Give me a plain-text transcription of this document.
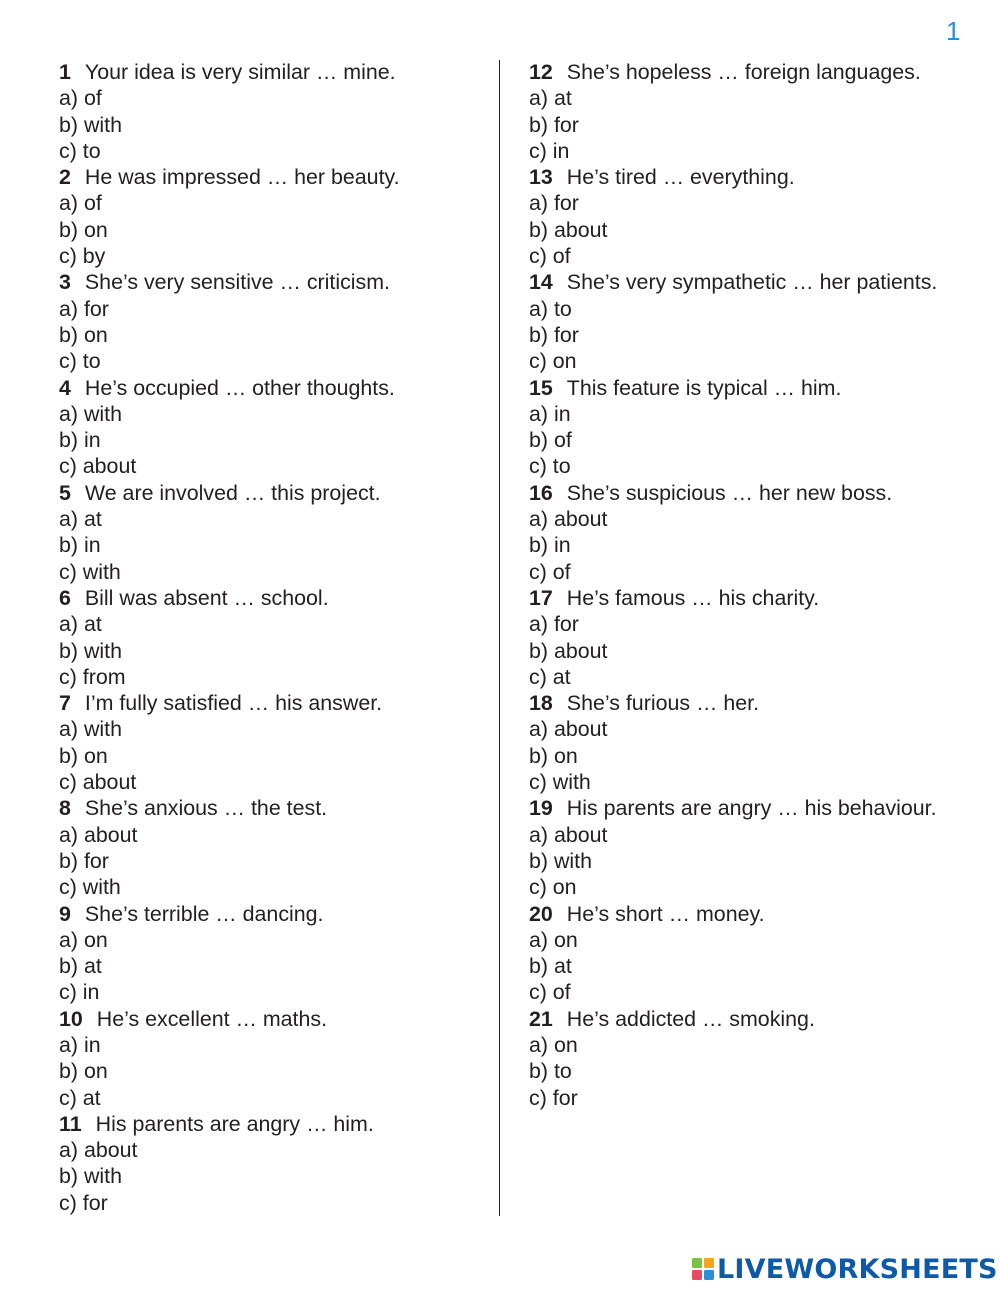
1
1 Your idea is very similar … mine.
a) of
b) with
c) to
2 He was impressed … her beauty.
a) of
b) on
c) by
3 She’s very sensitive … criticism.
a) for
b) on
c) to
4 He’s occupied … other thoughts.
a) with
b) in
c) about
5 We are involved … this project.
a) at
b) in
c) with
6 Bill was absent … school.
a) at
b) with
c) from
7 I’m fully satisfied … his answer.
a) with
b) on
c) about
8 She’s anxious … the test.
a) about
b) for
c) with
9 She’s terrible … dancing.
a) on
b) at
c) in
10 He’s excellent … maths.
a) in
b) on
c) at
11 His parents are angry … him.
a) about
b) with
c) for
12 She’s hopeless … foreign languages.
a) at
b) for
c) in
13 He’s tired … everything.
a) for
b) about
c) of
14 She’s very sympathetic … her patients.
a) to
b) for
c) on
15 This feature is typical … him.
a) in
b) of
c) to
16 She’s suspicious … her new boss.
a) about
b) in
c) of
17 He’s famous … his charity.
a) for
b) about
c) at
18 She’s furious … her.
a) about
b) on
c) with
19 His parents are angry … his behaviour.
a) about
b) with
c) on
20 He’s short … money.
a) on
b) at
c) of
21 He’s addicted … smoking.
a) on
b) to
c) for
LIVEWORKSHEETS
